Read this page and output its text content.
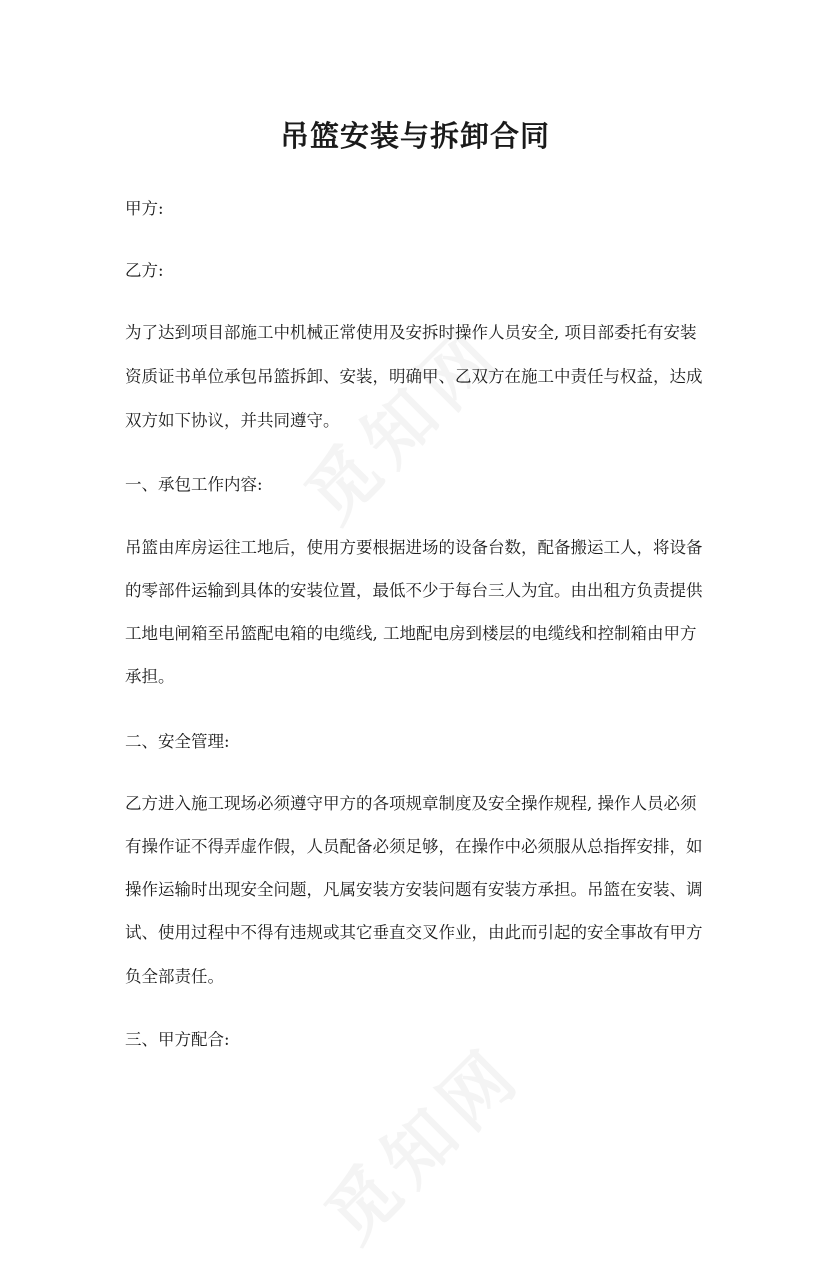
吊篮安装与拆卸合同

甲方:

乙方:

为了达到项目部施工中机械正常使用及安拆时操作人员安全, 项目部委托有安装

资质证书单位承包吊篮拆卸、安装，明确甲、乙双方在施工中责任与权益，达成

双方如下协议，并共同遵守。

一、承包工作内容:

吊篮由库房运往工地后，使用方要根据进场的设备台数，配备搬运工人，将设备

的零部件运输到具体的安装位置，最低不少于每台三人为宜。由出租方负责提供

工地电闸箱至吊篮配电箱的电缆线, 工地配电房到楼层的电缆线和控制箱由甲方

承担。

二、安全管理:

乙方进入施工现场必须遵守甲方的各项规章制度及安全操作规程, 操作人员必须

有操作证不得弄虚作假，人员配备必须足够，在操作中必须服从总指挥安排，如

操作运输时出现安全问题，凡属安装方安装问题有安装方承担。吊篮在安装、调

试、使用过程中不得有违规或其它垂直交叉作业，由此而引起的安全事故有甲方

负全部责任。

三、甲方配合:
